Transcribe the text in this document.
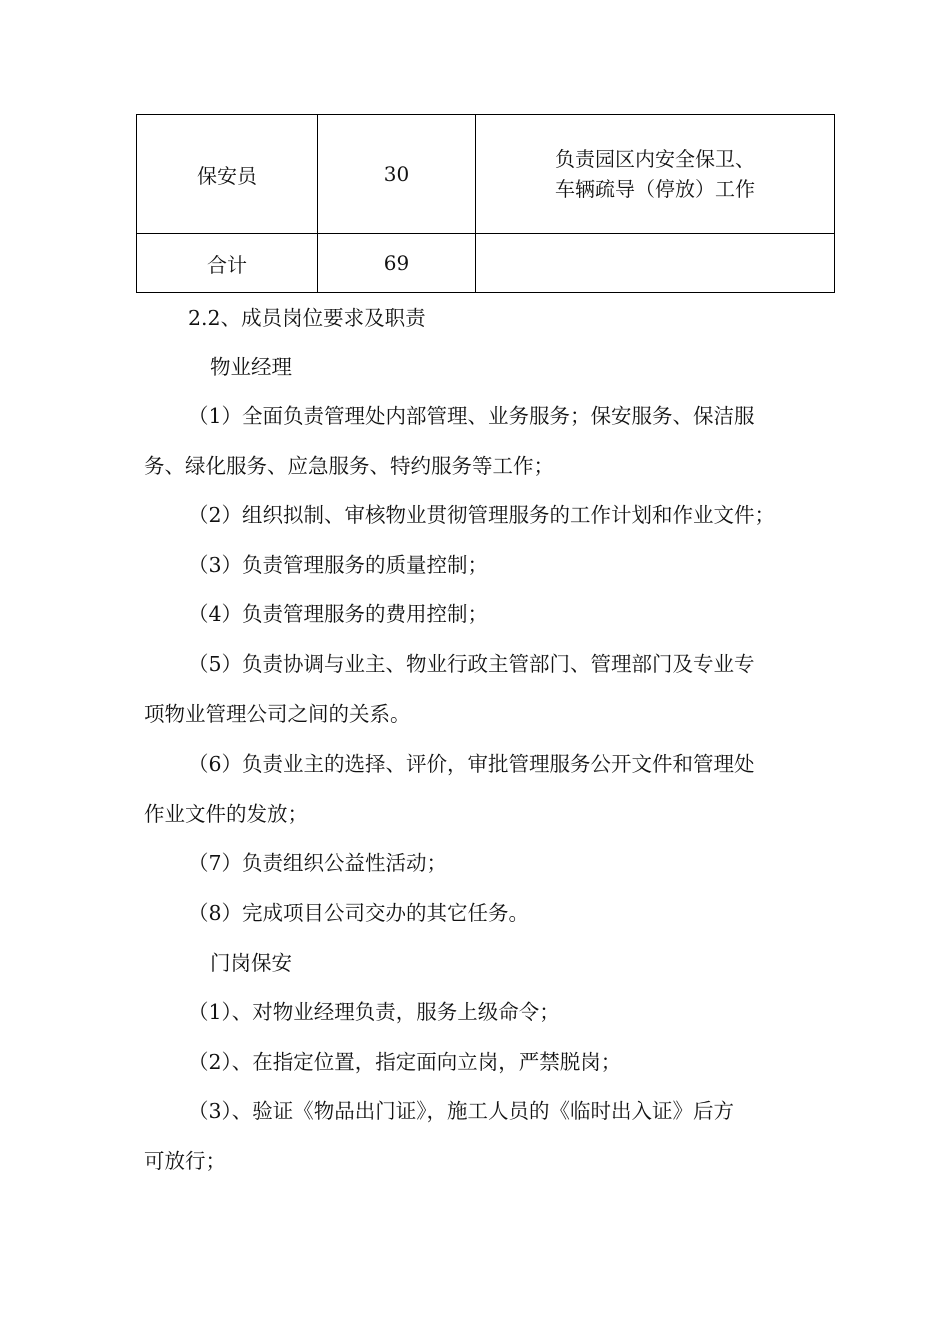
保安员	30	负责园区内安全保卫、
车辆疏导（停放）工作

合计	69	

2.2、成员岗位要求及职责

物业经理

（1）全面负责管理处内部管理、业务服务；保安服务、保洁服

务、绿化服务、应急服务、特约服务等工作；

（2）组织拟制、审核物业贯彻管理服务的工作计划和作业文件；

（3）负责管理服务的质量控制；

（4）负责管理服务的费用控制；

（5）负责协调与业主、物业行政主管部门、管理部门及专业专

项物业管理公司之间的关系。

（6）负责业主的选择、评价，审批管理服务公开文件和管理处

作业文件的发放；

（7）负责组织公益性活动；

（8）完成项目公司交办的其它任务。

门岗保安

（1）、对物业经理负责，服务上级命令；

（2）、在指定位置，指定面向立岗，严禁脱岗；

（3）、验证《物品出门证》，施工人员的《临时出入证》后方

可放行；
